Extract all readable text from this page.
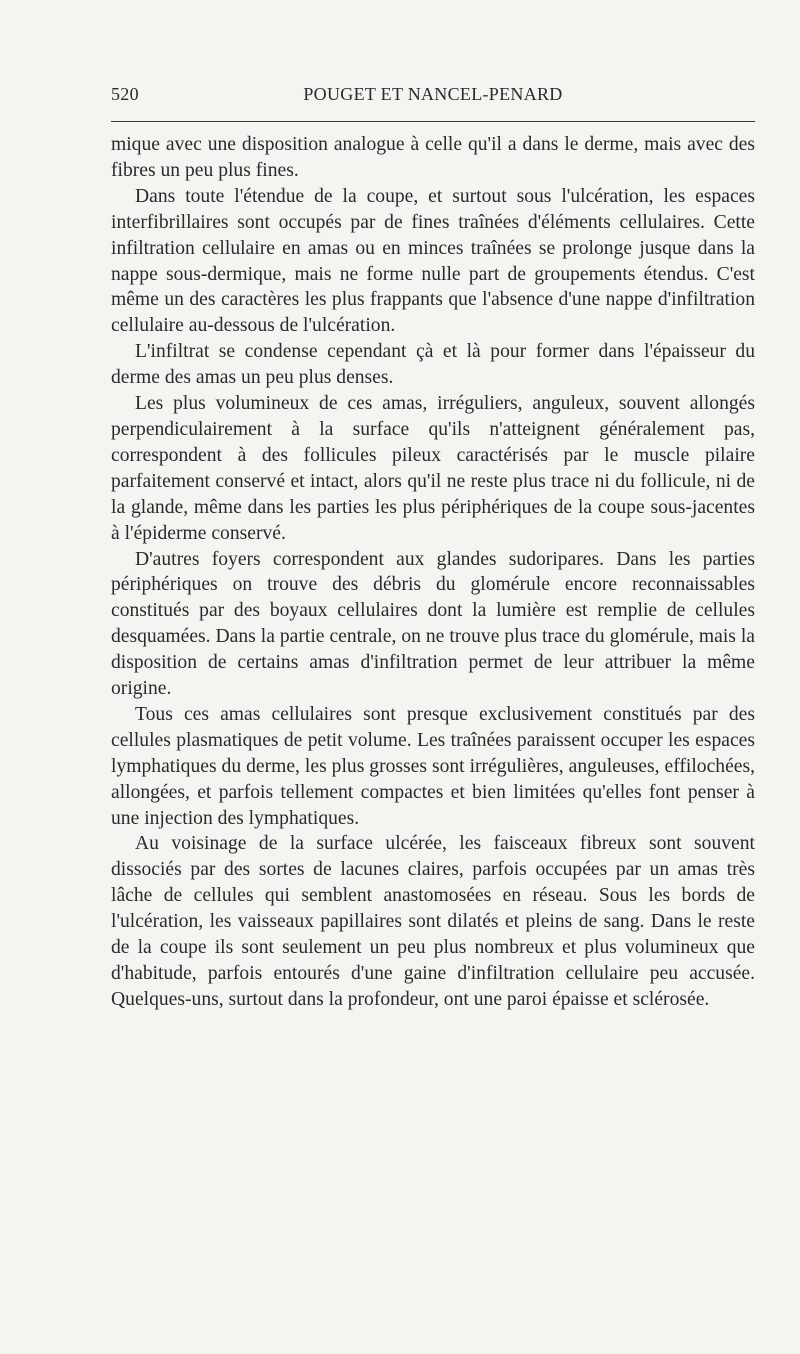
520	POUGET ET NANCEL-PENARD

mique avec une disposition analogue à celle qu'il a dans le derme, mais avec des fibres un peu plus fines.

Dans toute l'étendue de la coupe, et surtout sous l'ulcération, les espaces interfibrillaires sont occupés par de fines traînées d'éléments cellulaires. Cette infiltration cellulaire en amas ou en minces traînées se prolonge jusque dans la nappe sous-dermique, mais ne forme nulle part de groupements étendus. C'est même un des caractères les plus frappants que l'absence d'une nappe d'infiltration cellulaire au-dessous de l'ulcération.

L'infiltrat se condense cependant çà et là pour former dans l'épaisseur du derme des amas un peu plus denses.

Les plus volumineux de ces amas, irréguliers, anguleux, souvent allongés perpendiculairement à la surface qu'ils n'atteignent généralement pas, correspondent à des follicules pileux caractérisés par le muscle pilaire parfaitement conservé et intact, alors qu'il ne reste plus trace ni du follicule, ni de la glande, même dans les parties les plus périphériques de la coupe sous-jacentes à l'épiderme conservé.

D'autres foyers correspondent aux glandes sudoripares. Dans les parties périphériques on trouve des débris du glomérule encore reconnaissables constitués par des boyaux cellulaires dont la lumière est remplie de cellules desquamées. Dans la partie centrale, on ne trouve plus trace du glomérule, mais la disposition de certains amas d'infiltration permet de leur attribuer la même origine.

Tous ces amas cellulaires sont presque exclusivement constitués par des cellules plasmatiques de petit volume. Les traînées paraissent occuper les espaces lymphatiques du derme, les plus grosses sont irrégulières, anguleuses, effilochées, allongées, et parfois tellement compactes et bien limitées qu'elles font penser à une injection des lymphatiques.

Au voisinage de la surface ulcérée, les faisceaux fibreux sont souvent dissociés par des sortes de lacunes claires, parfois occupées par un amas très lâche de cellules qui semblent anastomosées en réseau. Sous les bords de l'ulcération, les vaisseaux papillaires sont dilatés et pleins de sang. Dans le reste de la coupe ils sont seulement un peu plus nombreux et plus volumineux que d'habitude, parfois entourés d'une gaine d'infiltration cellulaire peu accusée. Quelques-uns, surtout dans la profondeur, ont une paroi épaisse et sclérosée.
